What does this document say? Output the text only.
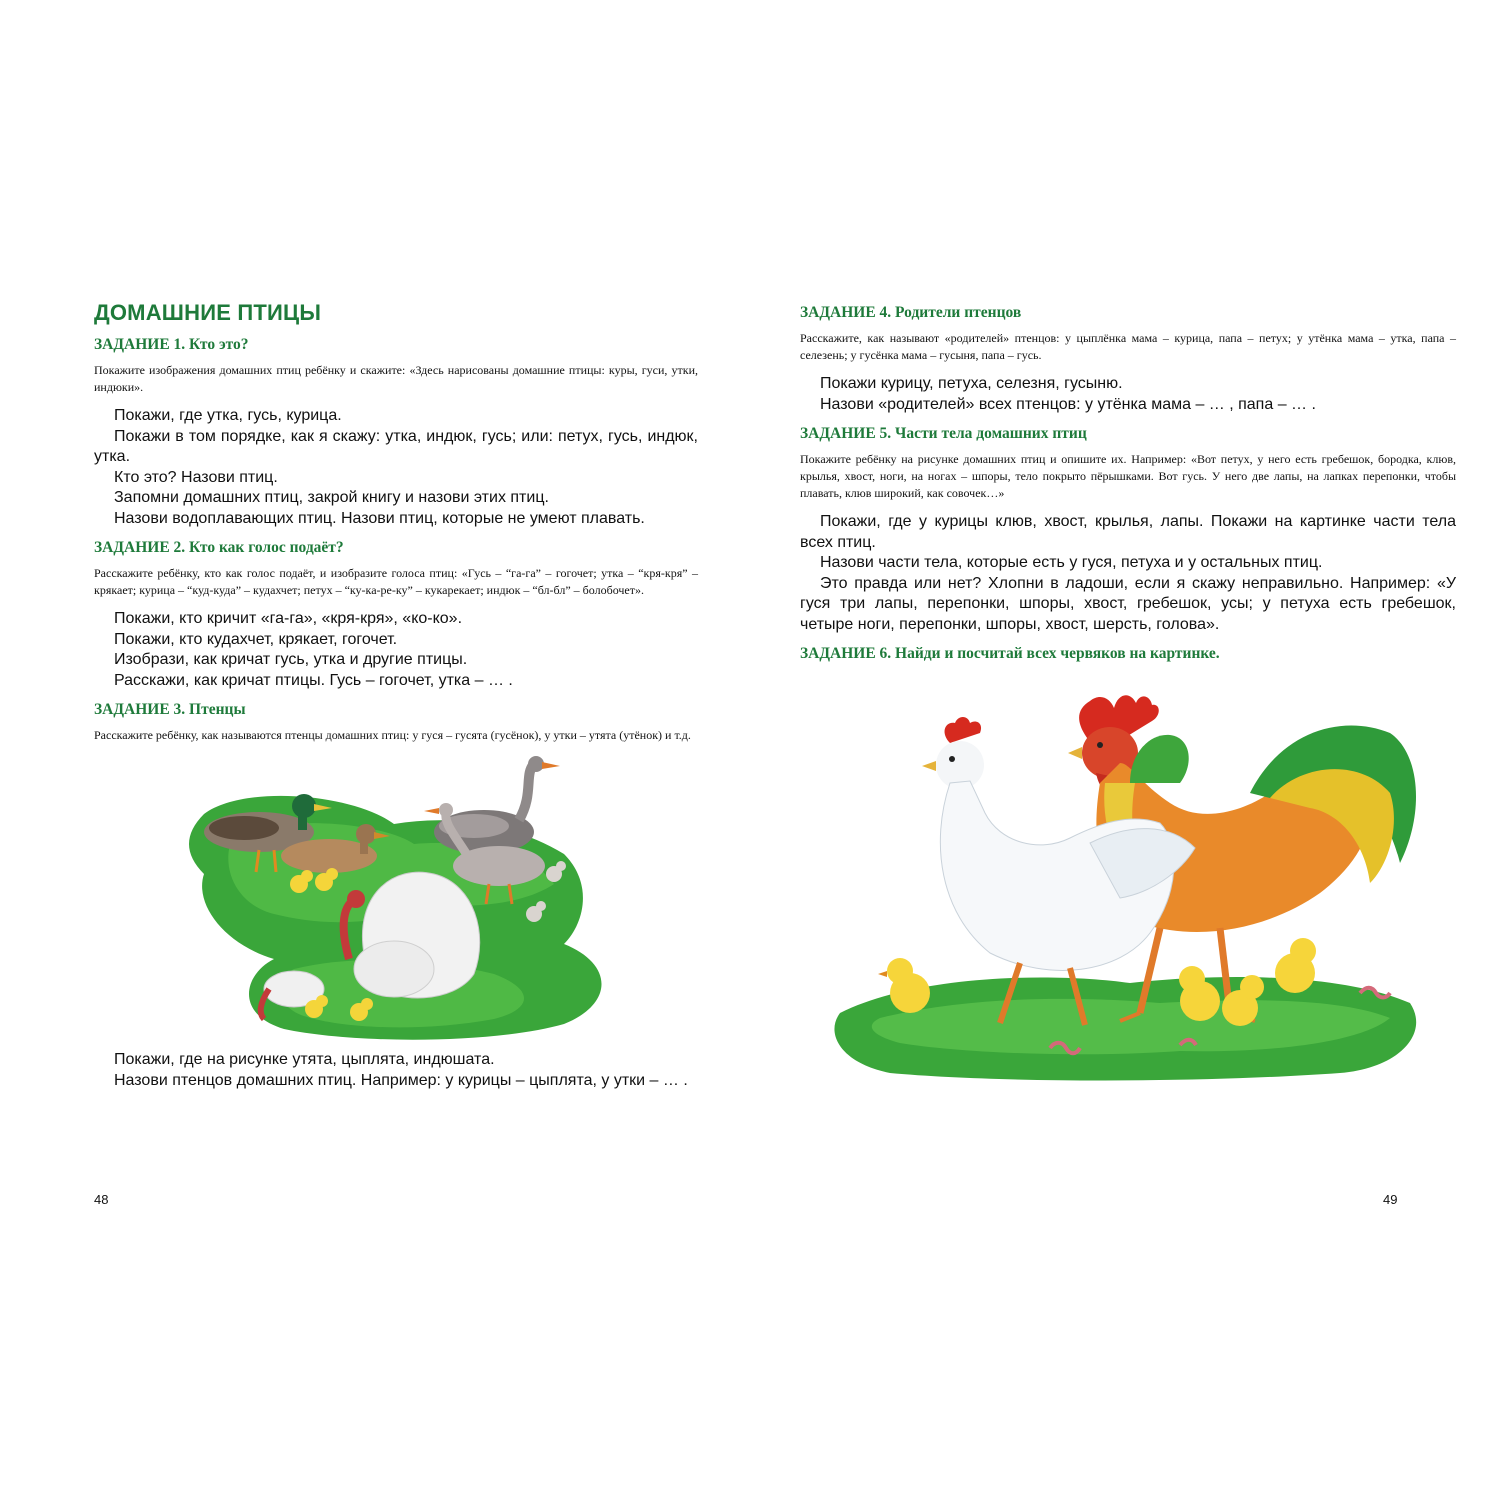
ДОМАШНИЕ ПТИЦЫ
ЗАДАНИЕ 1. Кто это?

Покажите изображения домашних птиц ребёнку и скажите: «Здесь нарисованы домашние птицы: куры, гуси, утки, индюки».

Покажи, где утка, гусь, курица.

Покажи в том порядке, как я скажу: утка, индюк, гусь; или: петух, гусь, индюк, утка.

Кто это? Назови птиц.

Запомни домашних птиц, закрой книгу и назови этих птиц.

Назови водоплавающих птиц. Назови птиц, которые не умеют плавать.

ЗАДАНИЕ 2. Кто как голос подаёт?

Расскажите ребёнку, кто как голос подаёт, и изобразите голоса птиц: «Гусь – “га-га” – гогочет; утка – “кря-кря” – крякает; курица – “куд-куда” – кудахчет; петух – “ку-ка-ре-ку” – кукарекает; индюк – “бл-бл” – болобочет».

Покажи, кто кричит «га-га», «кря-кря», «ко-ко».

Покажи, кто кудахчет, крякает, гогочет.

Изобрази, как кричат гусь, утка и другие птицы.

Расскажи, как кричат птицы. Гусь – гогочет, утка – … .

ЗАДАНИЕ 3. Птенцы

Расскажите ребёнку, как называются птенцы домашних птиц: у гуся – гусята (гусёнок), у утки – утята (утёнок) и т.д.

Покажи, где на рисунке утята, цыплята, индюшата.

Назови птенцов домашних птиц. Например: у курицы – цыплята, у утки – … .

48
ЗАДАНИЕ 4. Родители птенцов

Расскажите, как называют «родителей» птенцов: у цыплёнка мама – курица, папа – петух; у утёнка мама – утка, папа – селезень; у гусёнка мама – гусыня, папа – гусь.

Покажи курицу, петуха, селезня, гусыню.

Назови «родителей» всех птенцов: у утёнка мама – … , папа – … .

ЗАДАНИЕ 5. Части тела домашних птиц

Покажите ребёнку на рисунке домашних птиц и опишите их. Например: «Вот петух, у него есть гребешок, бородка, клюв, крылья, хвост, ноги, на ногах – шпоры, тело покрыто пёрышками. Вот гусь. У него две лапы, на лапках перепонки, чтобы плавать, клюв широкий, как совочек…»

Покажи, где у курицы клюв, хвост, крылья, лапы. Покажи на картинке части тела всех птиц.

Назови части тела, которые есть у гуся, петуха и у остальных птиц.

Это правда или нет? Хлопни в ладоши, если я скажу неправильно. Например: «У гуся три лапы, перепонки, шпоры, хвост, гребешок, усы; у петуха есть гребешок, четыре ноги, перепонки, шпоры, хвост, шерсть, голова».

ЗАДАНИЕ 6. Найди и посчитай всех червяков на картинке.
49
